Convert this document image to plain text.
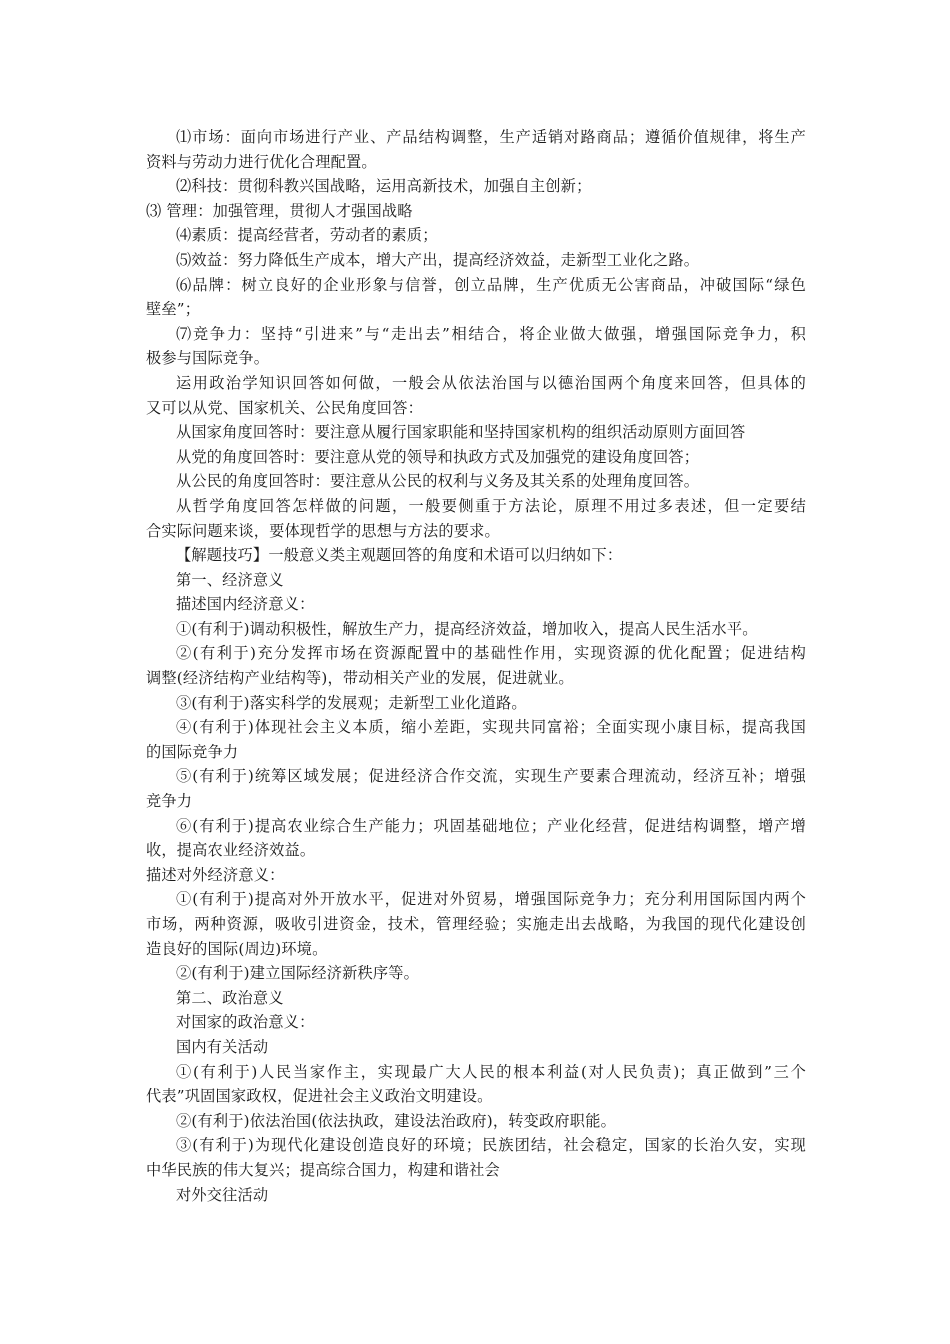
⑴市场：面向市场进行产业、产品结构调整，生产适销对路商品；遵循价值规律，将生产
资料与劳动力进行优化合理配置。
⑵科技：贯彻科教兴国战略，运用高新技术，加强自主创新；
⑶ 管理：加强管理，贯彻人才强国战略
⑷素质：提高经营者，劳动者的素质；
⑸效益：努力降低生产成本，增大产出，提高经济效益，走新型工业化之路。
⑹品牌：树立良好的企业形象与信誉，创立品牌，生产优质无公害商品，冲破国际“绿色
壁垒”；
⑺竞争力：坚持“引进来”与“走出去”相结合，将企业做大做强，增强国际竞争力，积
极参与国际竞争。
运用政治学知识回答如何做，一般会从依法治国与以德治国两个角度来回答，但具体的
又可以从党、国家机关、公民角度回答：
从国家角度回答时：要注意从履行国家职能和坚持国家机构的组织活动原则方面回答
从党的角度回答时：要注意从党的领导和执政方式及加强党的建设角度回答；
从公民的角度回答时：要注意从公民的权利与义务及其关系的处理角度回答。
从哲学角度回答怎样做的问题，一般要侧重于方法论，原理不用过多表述，但一定要结
合实际问题来谈，要体现哲学的思想与方法的要求。
【解题技巧】一般意义类主观题回答的角度和术语可以归纳如下：
第一、经济意义
描述国内经济意义：
①(有利于)调动积极性，解放生产力，提高经济效益，增加收入，提高人民生活水平。
②(有利于)充分发挥市场在资源配置中的基础性作用，实现资源的优化配置；促进结构
调整(经济结构产业结构等)，带动相关产业的发展，促进就业。
③(有利于)落实科学的发展观；走新型工业化道路。
④(有利于)体现社会主义本质，缩小差距，实现共同富裕；全面实现小康目标，提高我国
的国际竞争力
⑤(有利于)统筹区域发展；促进经济合作交流，实现生产要素合理流动，经济互补；增强
竞争力
⑥(有利于)提高农业综合生产能力；巩固基础地位；产业化经营，促进结构调整，增产增
收，提高农业经济效益。
描述对外经济意义：
①(有利于)提高对外开放水平，促进对外贸易，增强国际竞争力；充分利用国际国内两个
市场，两种资源，吸收引进资金，技术，管理经验；实施走出去战略，为我国的现代化建设创
造良好的国际(周边)环境。
②(有利于)建立国际经济新秩序等。
第二、政治意义
对国家的政治意义：
国内有关活动
①(有利于)人民当家作主，实现最广大人民的根本利益(对人民负责)；真正做到”三个
代表”巩固国家政权，促进社会主义政治文明建设。
②(有利于)依法治国(依法执政，建设法治政府)，转变政府职能。
③(有利于)为现代化建设创造良好的环境；民族团结，社会稳定，国家的长治久安，实现
中华民族的伟大复兴；提高综合国力，构建和谐社会
对外交往活动
